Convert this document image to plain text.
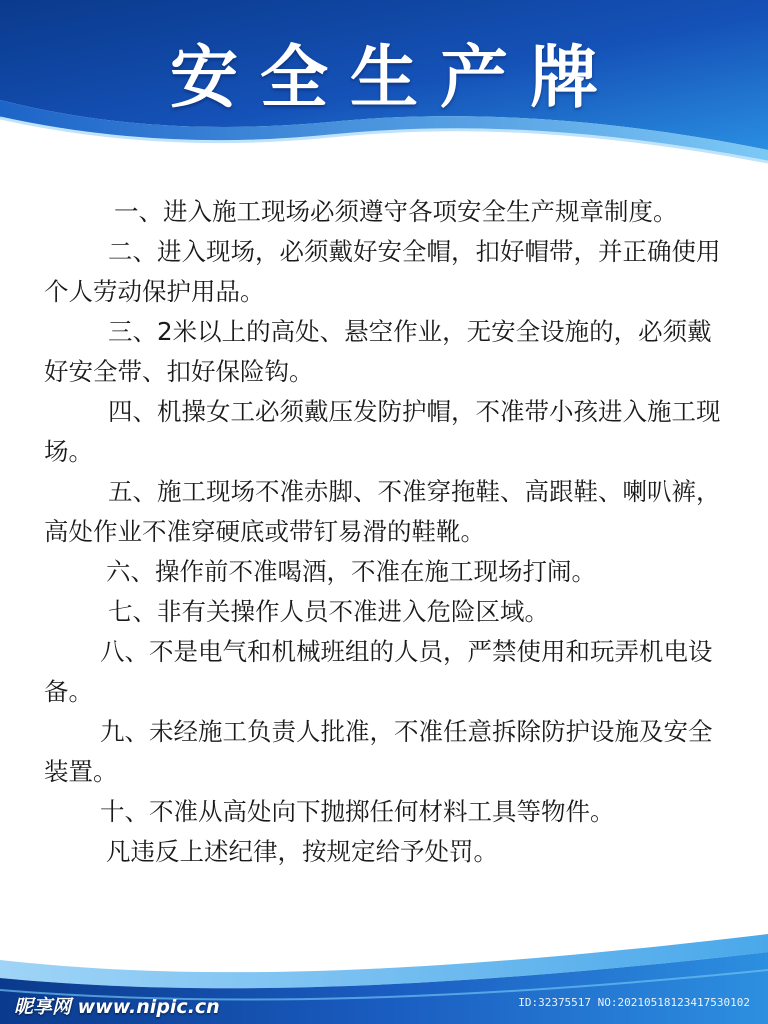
安全生产牌

一、进入施工现场必须遵守各项安全生产规章制度。

二、进入现场，必须戴好安全帽，扣好帽带，并正确使用个人劳动保护用品。

三、2米以上的高处、悬空作业，无安全设施的，必须戴好安全带、扣好保险钩。

四、机操女工必须戴压发防护帽，不准带小孩进入施工现场。

五、施工现场不准赤脚、不准穿拖鞋、高跟鞋、喇叭裤，高处作业不准穿硬底或带钉易滑的鞋靴。

六、操作前不准喝酒，不准在施工现场打闹。

七、非有关操作人员不准进入危险区域。

八、不是电气和机械班组的人员，严禁使用和玩弄机电设备。

九、未经施工负责人批准，不准任意拆除防护设施及安全装置。

十、不准从高处向下抛掷任何材料工具等物件。

凡违反上述纪律，按规定给予处罚。

昵享网 www.nipic.cn	ID:32375517 NO:20210518123417530102
